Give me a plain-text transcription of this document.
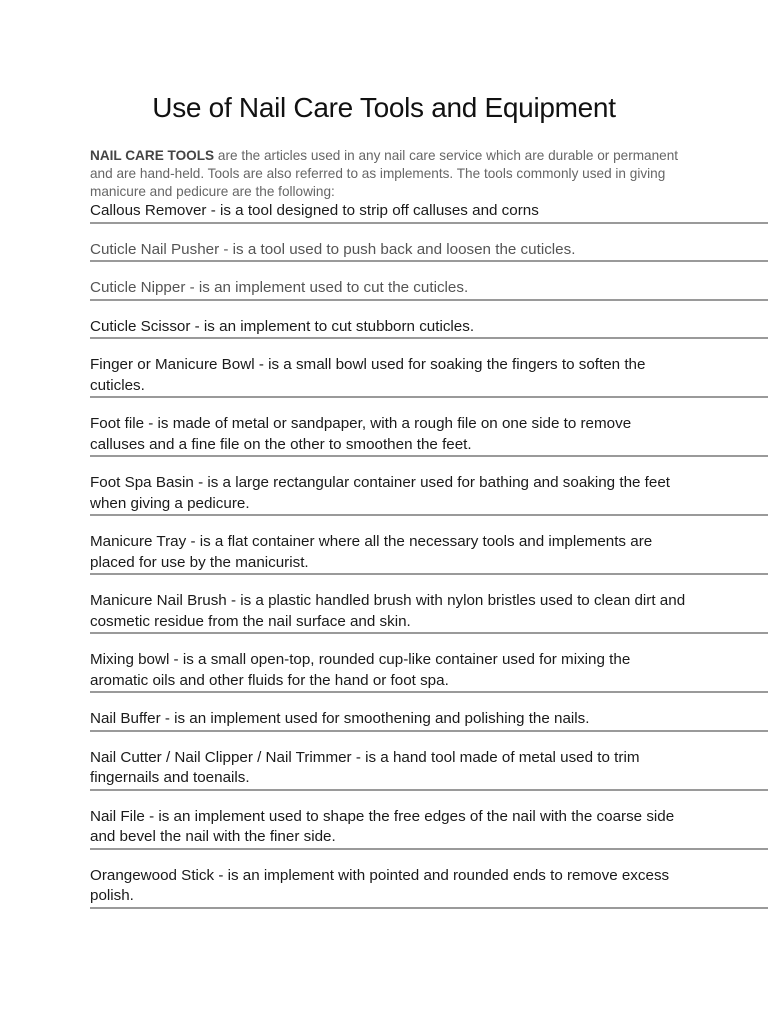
Use of Nail Care Tools and Equipment

NAIL CARE TOOLS are the articles used in any nail care service which are durable or permanent and are hand-held. Tools are also referred to as implements. The tools commonly used in giving manicure and pedicure are the following:

Callous Remover - is a tool designed to strip off calluses and corns
Cuticle Nail Pusher - is a tool used to push back and loosen the cuticles.
Cuticle Nipper - is an implement used to cut the cuticles.
Cuticle Scissor - is an implement to cut stubborn cuticles.
Finger or Manicure Bowl - is a small bowl used for soaking the fingers to soften the cuticles.
Foot file - is made of metal or sandpaper, with a rough file on one side to remove calluses and a fine file on the other to smoothen the feet.
Foot Spa Basin - is a large rectangular container used for bathing and soaking the feet when giving a pedicure.
Manicure Tray - is a flat container where all the necessary tools and implements are placed for use by the manicurist.
Manicure Nail Brush - is a plastic handled brush with nylon bristles used to clean dirt and cosmetic residue from the nail surface and skin.
Mixing bowl - is a small open-top, rounded cup-like container used for mixing the aromatic oils and other fluids for the hand or foot spa.
Nail Buffer - is an implement used for smoothening and polishing the nails.
Nail Cutter / Nail Clipper / Nail Trimmer - is a hand tool made of metal used to trim fingernails and toenails.
Nail File - is an implement used to shape the free edges of the nail with the coarse side and bevel the nail with the finer side.
Orangewood Stick - is an implement with pointed and rounded ends to remove excess polish.
